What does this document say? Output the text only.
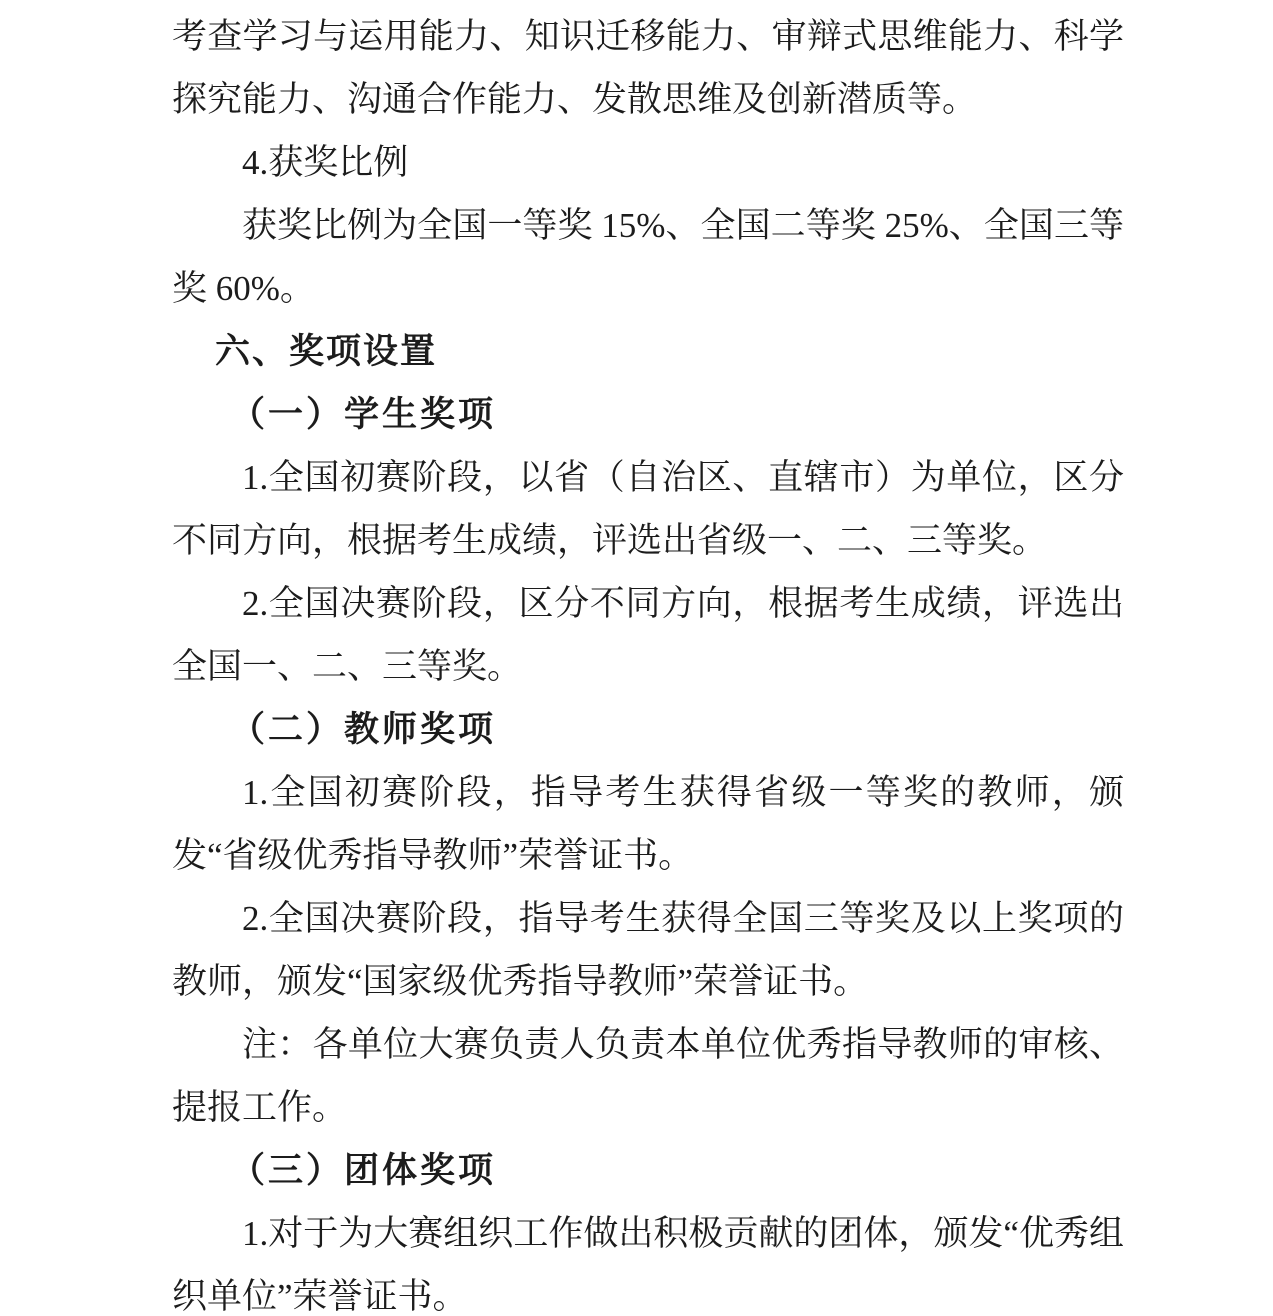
考查学习与运用能力、知识迁移能力、审辩式思维能力、科学探究能力、沟通合作能力、发散思维及创新潜质等。

4.获奖比例

获奖比例为全国一等奖 15%、全国二等奖 25%、全国三等奖 60%。

六、奖项设置

（一）学生奖项

1.全国初赛阶段，以省（自治区、直辖市）为单位，区分不同方向，根据考生成绩，评选出省级一、二、三等奖。

2.全国决赛阶段，区分不同方向，根据考生成绩，评选出全国一、二、三等奖。

（二）教师奖项

1.全国初赛阶段，指导考生获得省级一等奖的教师，颁发“省级优秀指导教师”荣誉证书。

2.全国决赛阶段，指导考生获得全国三等奖及以上奖项的教师，颁发“国家级优秀指导教师”荣誉证书。

注：各单位大赛负责人负责本单位优秀指导教师的审核、提报工作。

（三）团体奖项

1.对于为大赛组织工作做出积极贡献的团体，颁发“优秀组织单位”荣誉证书。
